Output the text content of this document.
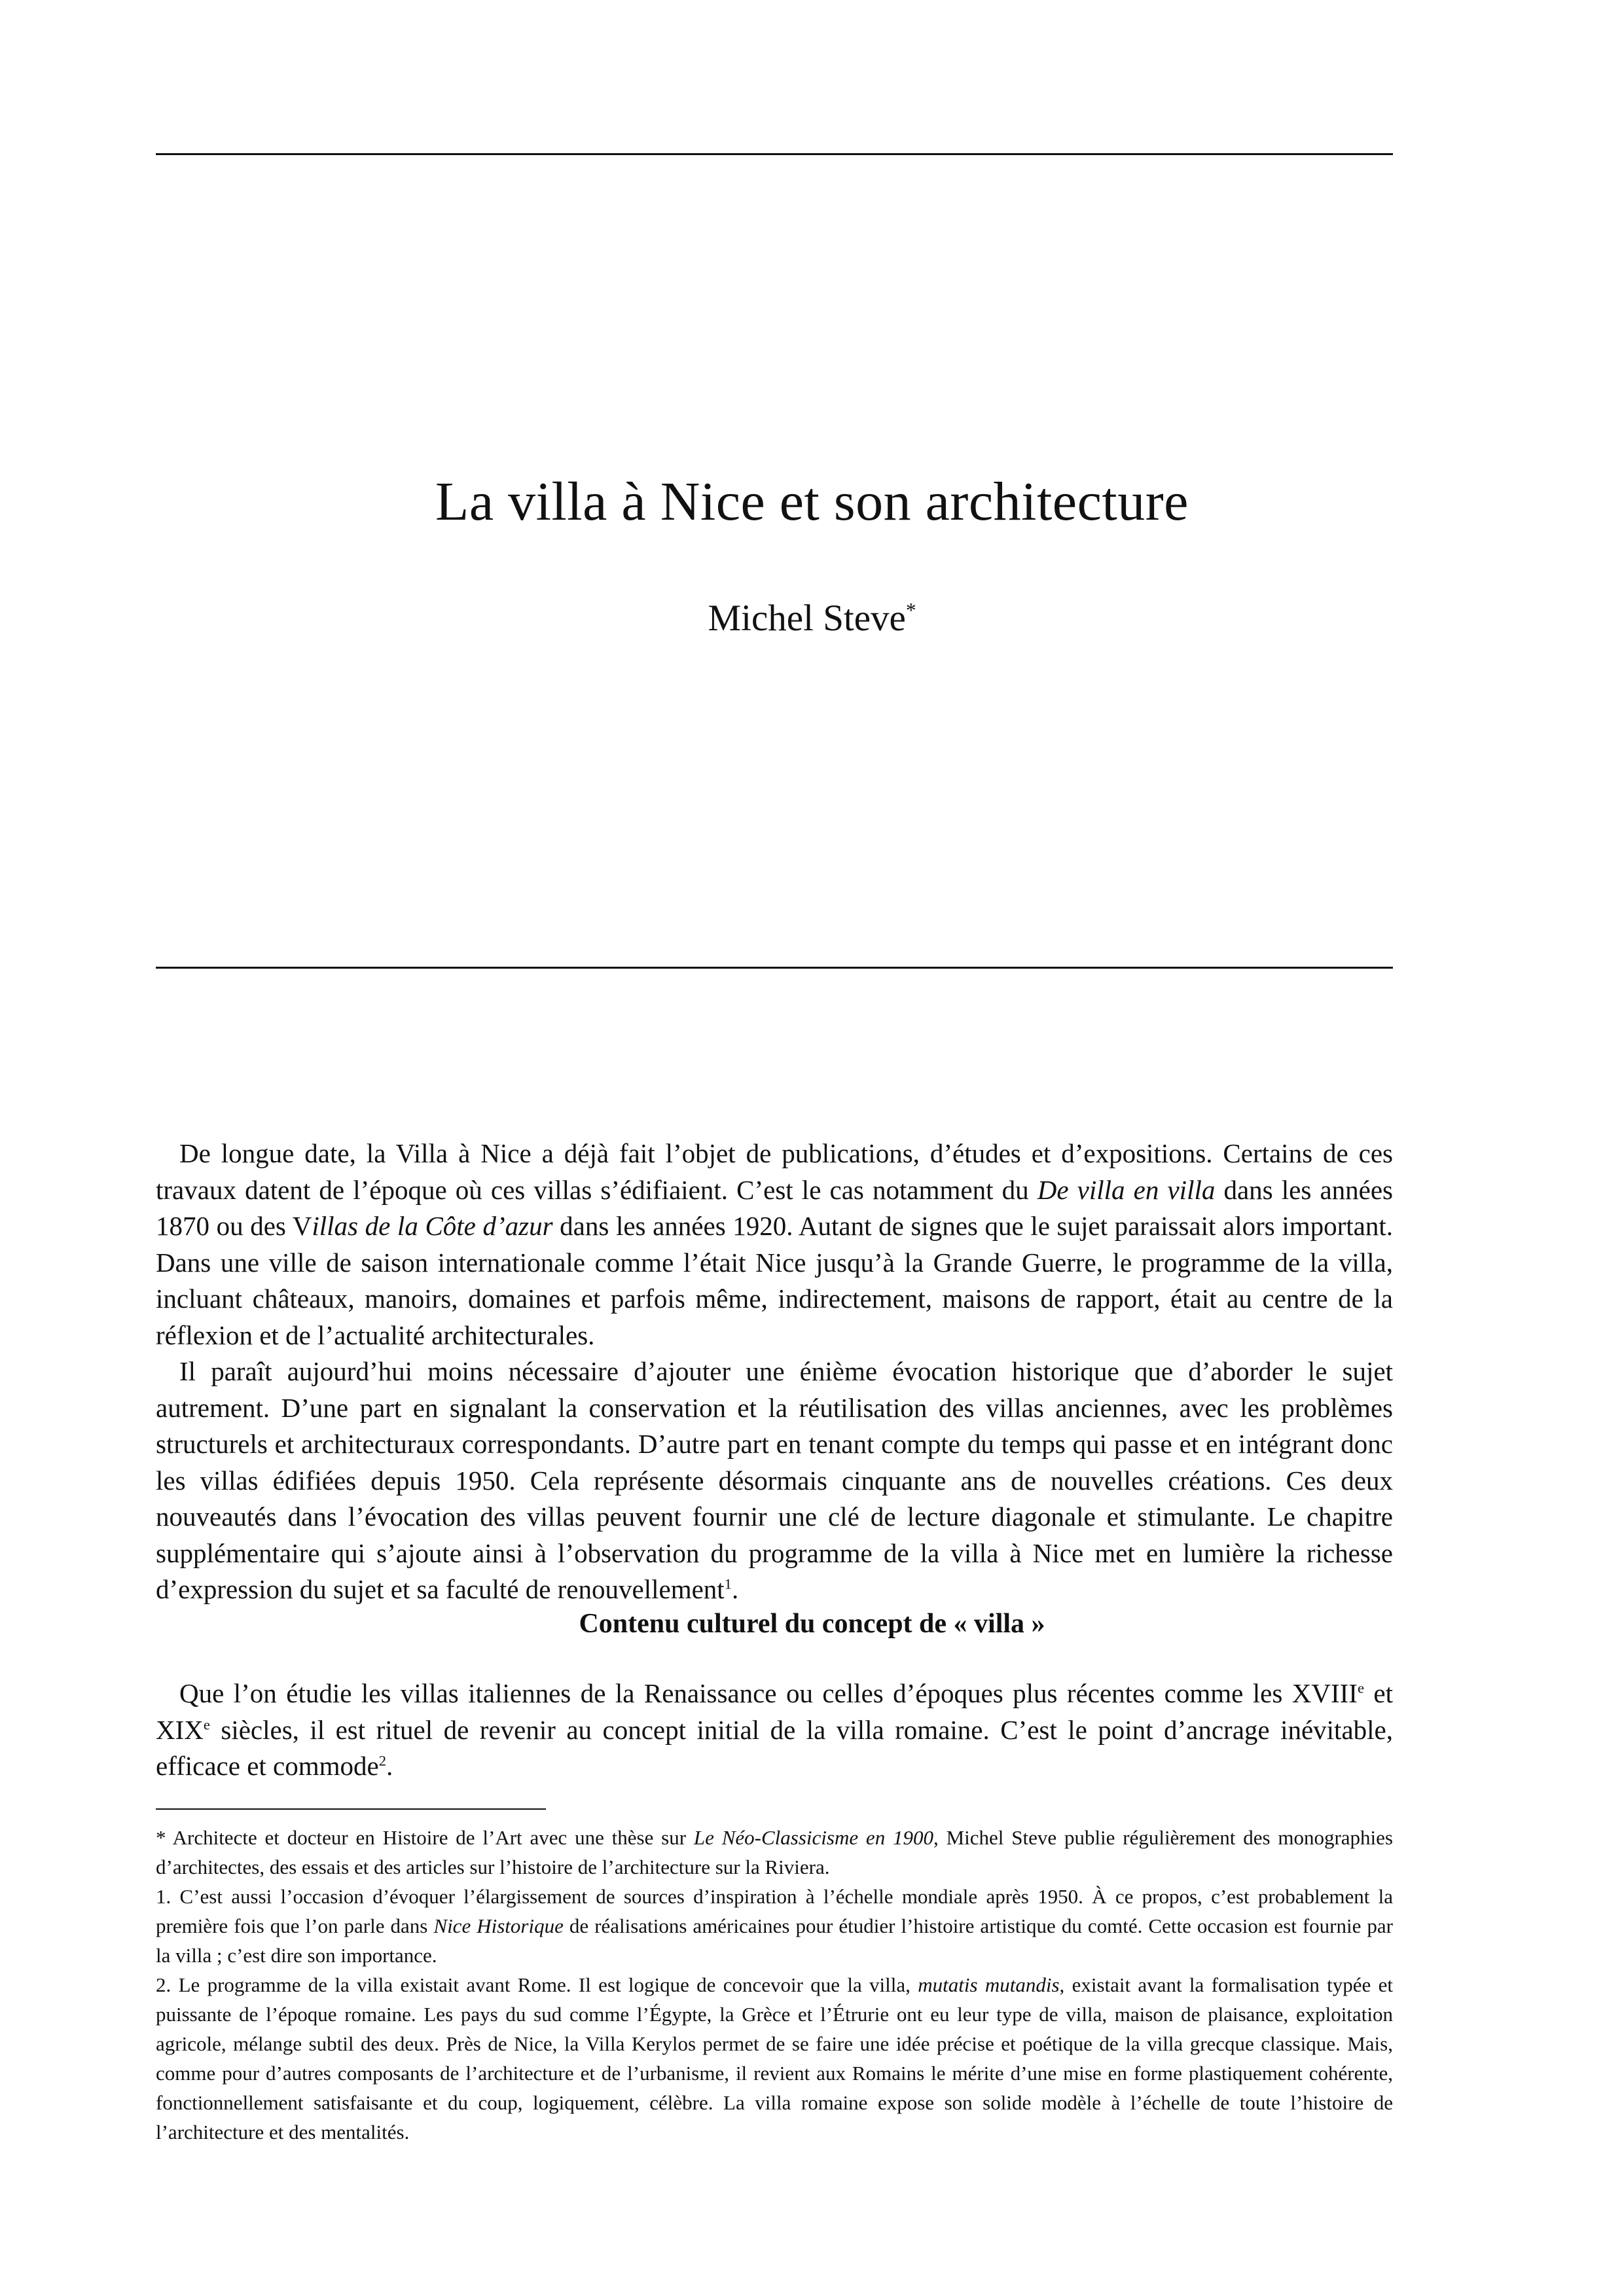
La villa à Nice et son architecture
Michel Steve*

De longue date, la Villa à Nice a déjà fait l’objet de publications, d’études et d’expositions. Certains de ces travaux datent de l’époque où ces villas s’édifiaient. C’est le cas notamment du De villa en villa dans les années 1870 ou des Villas de la Côte d’azur dans les années 1920. Autant de signes que le sujet paraissait alors important. Dans une ville de saison internationale comme l’était Nice jusqu’à la Grande Guerre, le programme de la villa, incluant châteaux, manoirs, domaines et parfois même, indirectement, maisons de rapport, était au centre de la réflexion et de l’actualité architecturales.

Il paraît aujourd’hui moins nécessaire d’ajouter une énième évocation historique que d’aborder le sujet autrement. D’une part en signalant la conservation et la réutilisation des villas anciennes, avec les problèmes structurels et architecturaux correspondants. D’autre part en tenant compte du temps qui passe et en intégrant donc les villas édifiées depuis 1950. Cela représente désormais cinquante ans de nouvelles créations. Ces deux nouveautés dans l’évocation des villas peuvent fournir une clé de lecture diagonale et stimulante. Le chapitre supplémentaire qui s’ajoute ainsi à l’observation du programme de la villa à Nice met en lumière la richesse d’expression du sujet et sa faculté de renouvellement$^1$.

Contenu culturel du concept de « villa »

Que l’on étudie les villas italiennes de la Renaissance ou celles d’époques plus récentes comme les XVIIIe et XIXe siècles, il est rituel de revenir au concept initial de la villa romaine. C’est le point d’ancrage inévitable, efficace et commode$^2$.

* Architecte et docteur en Histoire de l’Art avec une thèse sur Le Néo-Classicisme en 1900, Michel Steve publie régulièrement des monographies d’architectes, des essais et des articles sur l’histoire de l’architecture sur la Riviera.

1. C’est aussi l’occasion d’évoquer l’élargissement de sources d’inspiration à l’échelle mondiale après 1950. À ce propos, c’est probablement la première fois que l’on parle dans Nice Historique de réalisations américaines pour étudier l’histoire artistique du comté. Cette occasion est fournie par la villa ; c’est dire son importance.

2. Le programme de la villa existait avant Rome. Il est logique de concevoir que la villa, mutatis mutandis, existait avant la formalisation typée et puissante de l’époque romaine. Les pays du sud comme l’Égypte, la Grèce et l’Étrurie ont eu leur type de villa, maison de plaisance, exploitation agricole, mélange subtil des deux. Près de Nice, la Villa Kerylos permet de se faire une idée précise et poétique de la villa grecque classique. Mais, comme pour d’autres composants de l’architecture et de l’urbanisme, il revient aux Romains le mérite d’une mise en forme plastiquement cohérente, fonctionnellement satisfaisante et du coup, logiquement, célèbre. La villa romaine expose son solide modèle à l’échelle de toute l’histoire de l’architecture et des mentalités.
